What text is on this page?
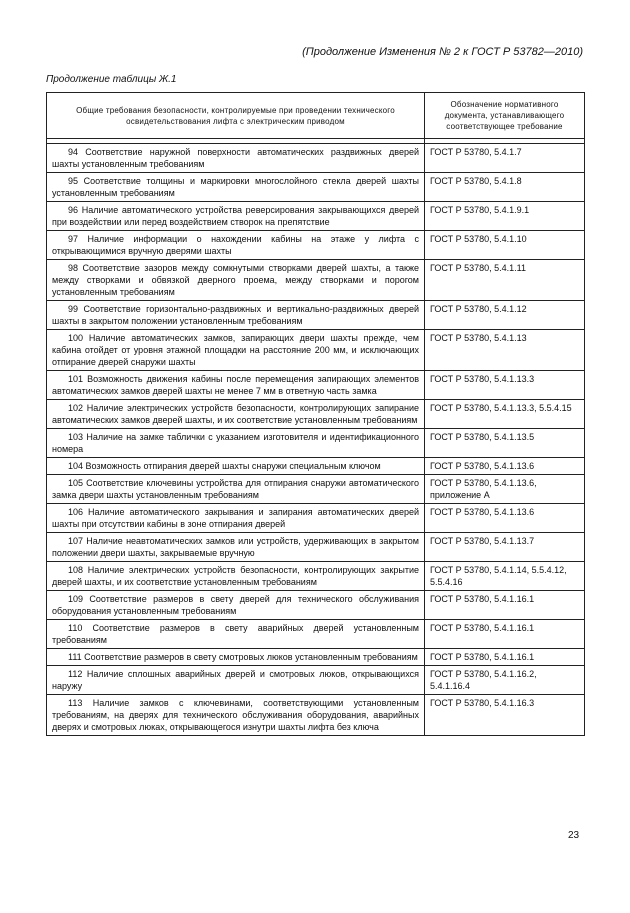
(Продолжение Изменения № 2 к ГОСТ Р 53782—2010)
Продолжение таблицы Ж.1
Общие требования безопасности, контролируемые при проведении технического освидетельствования лифта с электрическим приводом	Обозначение нормативного документа, устанавливающего соответствующее требование

94 Соответствие наружной поверхности автоматических раздвижных дверей шахты установленным требованиям	ГОСТ Р 53780, 5.4.1.7
95 Соответствие толщины и маркировки многослойного стекла дверей шахты установленным требованиям	ГОСТ Р 53780, 5.4.1.8
96 Наличие автоматического устройства реверсирования закрывающихся дверей при воздействии или перед воздействием створок на препятствие	ГОСТ Р 53780, 5.4.1.9.1
97 Наличие информации о нахождении кабины на этаже у лифта с открывающимися вручную дверями шахты	ГОСТ Р 53780, 5.4.1.10
98 Соответствие зазоров между сомкнутыми створками дверей шахты, а также между створками и обвязкой дверного проема, между створками и порогом установленным требованиям	ГОСТ Р 53780, 5.4.1.11
99 Соответствие горизонтально-раздвижных и вертикально-раздвижных дверей шахты в закрытом положении установленным требованиям	ГОСТ Р 53780, 5.4.1.12
100 Наличие автоматических замков, запирающих двери шахты прежде, чем кабина отойдет от уровня этажной площадки на расстояние 200 мм, и исключающих отпирание дверей снаружи шахты	ГОСТ Р 53780, 5.4.1.13
101 Возможность движения кабины после перемещения запирающих элементов автоматических замков дверей шахты не менее 7 мм в ответную часть замка	ГОСТ Р 53780, 5.4.1.13.3
102 Наличие электрических устройств безопасности, контролирующих запирание автоматических замков дверей шахты, и их соответствие установленным требованиям	ГОСТ Р 53780, 5.4.1.13.3, 5.5.4.15
103 Наличие на замке таблички с указанием изготовителя и идентификационного номера	ГОСТ Р 53780, 5.4.1.13.5
104 Возможность отпирания дверей шахты снаружи специальным ключом	ГОСТ Р 53780, 5.4.1.13.6
105 Соответствие ключевины устройства для отпирания снаружи автоматического замка двери шахты установленным требованиям	ГОСТ Р 53780, 5.4.1.13.6, приложение А
106 Наличие автоматического закрывания и запирания автоматических дверей шахты при отсутствии кабины в зоне отпирания дверей	ГОСТ Р 53780, 5.4.1.13.6
107 Наличие неавтоматических замков или устройств, удерживающих в закрытом положении двери шахты, закрываемые вручную	ГОСТ Р 53780, 5.4.1.13.7
108 Наличие электрических устройств безопасности, контролирующих закрытие дверей шахты, и их соответствие установленным требованиям	ГОСТ Р 53780, 5.4.1.14, 5.5.4.12, 5.5.4.16
109 Соответствие размеров в свету дверей для технического обслуживания оборудования установленным требованиям	ГОСТ Р 53780, 5.4.1.16.1
110 Соответствие размеров в свету аварийных дверей установленным требованиям	ГОСТ Р 53780, 5.4.1.16.1
111 Соответствие размеров в свету смотровых люков установленным требованиям	ГОСТ Р 53780, 5.4.1.16.1
112 Наличие сплошных аварийных дверей и смотровых люков, открывающихся наружу	ГОСТ Р 53780, 5.4.1.16.2, 5.4.1.16.4
113 Наличие замков с ключевинами, соответствующими установленным требованиям, на дверях для технического обслуживания оборудования, аварийных дверях и смотровых люках, открывающегося изнутри шахты лифта без ключа	ГОСТ Р 53780, 5.4.1.16.3
23
